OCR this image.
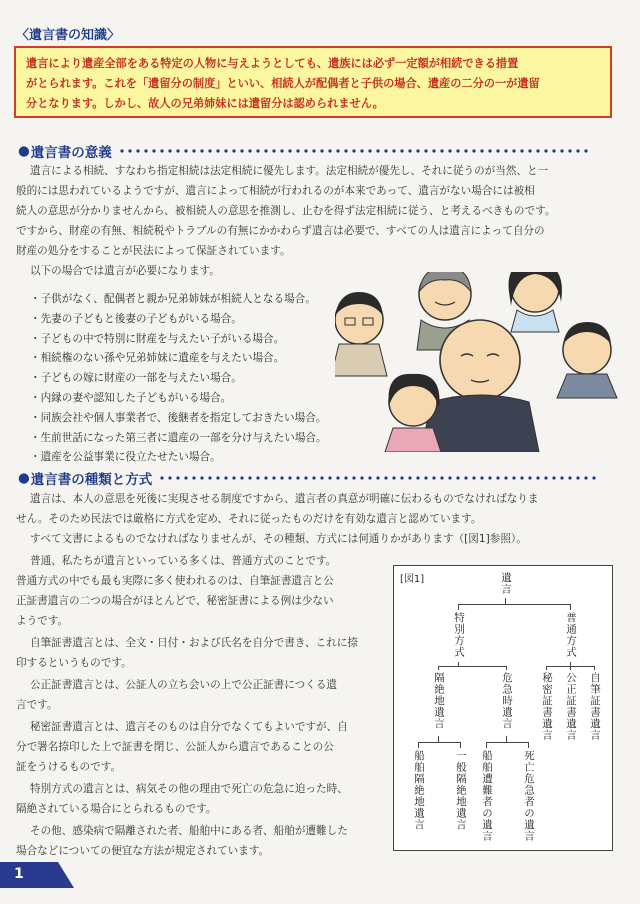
〈遺言書の知識〉

遺言により遺産全部をある特定の人物に与えようとしても、遺族には必ず一定額が相続できる措置

がとられます。これを「遺留分の制度」といい、相続人が配偶者と子供の場合、遺産の二分の一が遺留

分となります。しかし、故人の兄弟姉妹には遺留分は認められません。

● 遺言書の意義

遺言による相続、すなわち指定相続は法定相続に優先します。法定相続が優先し、それに従うのが当然、と一

般的には思われているようですが、遺言によって相続が行われるのが本来であって、遺言がない場合には被相

続人の意思が分かりませんから、被相続人の意思を推測し、止むを得ず法定相続に従う、と考えるべきものです。

ですから、財産の有無、相続税やトラブルの有無にかかわらず遺言は必要で、すべての人は遺言によって自分の

財産の処分をすることが民法によって保証されています。

以下の場合では遺言が必要になります。

・子供がなく、配偶者と親か兄弟姉妹が相続人となる場合。
・先妻の子どもと後妻の子どもがいる場合。
・子どもの中で特別に財産を与えたい子がいる場合。
・相続権のない孫や兄弟姉妹に遺産を与えたい場合。
・子どもの嫁に財産の一部を与えたい場合。
・内縁の妻や認知した子どもがいる場合。
・同族会社や個人事業者で、後継者を指定しておきたい場合。
・生前世話になった第三者に遺産の一部を分け与えたい場合。
・遺産を公益事業に役立たせたい場合。
● 遺言書の種類と方式

遺言は、本人の意思を死後に実現させる制度ですから、遺言者の真意が明確に伝わるものでなければなりま

せん。そのため民法では厳格に方式を定め、それに従ったものだけを有効な遺言と認めています。

すべて文書によるものでなければなりませんが、その種類、方式には何通りかがあります（[図1]参照）。

普通、私たちが遺言といっている多くは、普通方式のことです。

普通方式の中でも最も実際に多く使われるのは、自筆証書遺言と公

正証書遺言の二つの場合がほとんどで、秘密証書による例は少ない

ようです。

自筆証書遺言とは、全文・日付・および氏名を自分で書き、これに捺

印するというものです。

公正証書遺言とは、公証人の立ち会いの上で公正証書につくる遺

言です。

秘密証書遺言とは、遺言そのものは自分でなくてもよいですが、自

分で署名捺印した上で証書を閉じ、公証人から遺言であることの公

証をうけるものです。

特別方式の遺言とは、病気その他の理由で死亡の危急に迫った時、

隔絶されている場合にとられるものです。

その他、感染病で隔離された者、船舶中にある者、船舶が遭難した

場合などについての便宜な方法が規定されています。

[図1]	遺言
特別方式	普通方式
隔絶地遺言	危急時遺言	秘密証書遺言 公正証書遺言 自筆証書遺言
船舶隔絶地遺言	一般隔絶地遺言 船舶遭難者の遺言	死亡危急者の遺言
1
